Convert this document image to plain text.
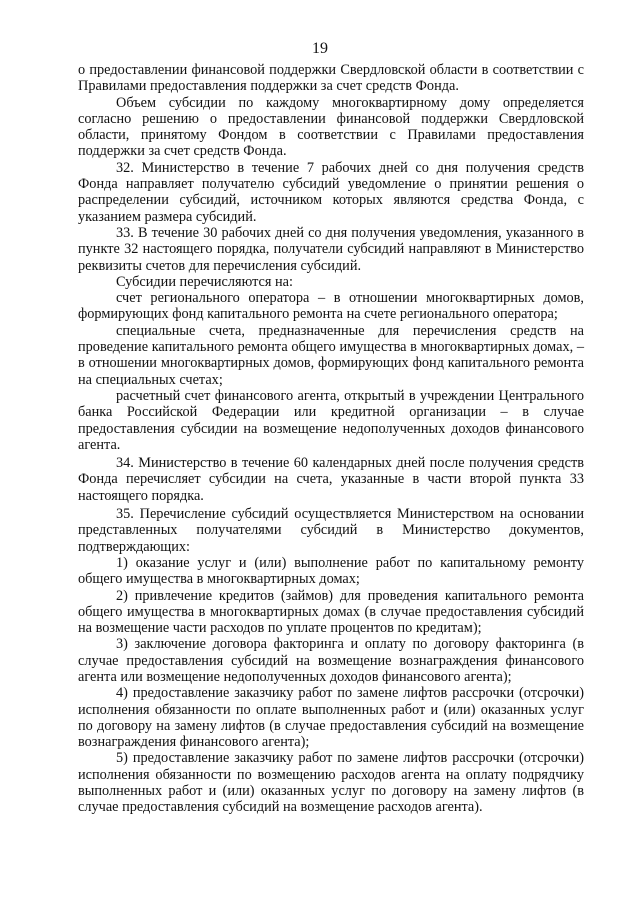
19

о предоставлении финансовой поддержки Свердловской области в соответствии с Правилами предоставления поддержки за счет средств Фонда.

Объем субсидии по каждому многоквартирному дому определяется согласно решению о предоставлении финансовой поддержки Свердловской области, принятому Фондом в соответствии с Правилами предоставления поддержки за счет средств Фонда.

32. Министерство в течение 7 рабочих дней со дня получения средств Фонда направляет получателю субсидий уведомление о принятии решения о распределении субсидий, источником которых являются средства Фонда, с указанием размера субсидий.

33. В течение 30 рабочих дней со дня получения уведомления, указанного в пункте 32 настоящего порядка, получатели субсидий направляют в Министерство реквизиты счетов для перечисления субсидий.

Субсидии перечисляются на:

счет регионального оператора – в отношении многоквартирных домов, формирующих фонд капитального ремонта на счете регионального оператора;

специальные счета, предназначенные для перечисления средств на проведение капитального ремонта общего имущества в многоквартирных домах, – в отношении многоквартирных домов, формирующих фонд капитального ремонта на специальных счетах;

расчетный счет финансового агента, открытый в учреждении Центрального банка Российской Федерации или кредитной организации – в случае предоставления субсидии на возмещение недополученных доходов финансового агента.

34. Министерство в течение 60 календарных дней после получения средств Фонда перечисляет субсидии на счета, указанные в части второй пункта 33 настоящего порядка.

35. Перечисление субсидий осуществляется Министерством на основании представленных получателями субсидий в Министерство документов, подтверждающих:

1) оказание услуг и (или) выполнение работ по капитальному ремонту общего имущества в многоквартирных домах;

2) привлечение кредитов (займов) для проведения капитального ремонта общего имущества в многоквартирных домах (в случае предоставления субсидий на возмещение части расходов по уплате процентов по кредитам);

3) заключение договора факторинга и оплату по договору факторинга (в случае предоставления субсидий на возмещение вознаграждения финансового агента или возмещение недополученных доходов финансового агента);

4) предоставление заказчику работ по замене лифтов рассрочки (отсрочки) исполнения обязанности по оплате выполненных работ и (или) оказанных услуг по договору на замену лифтов (в случае предоставления субсидий на возмещение вознаграждения финансового агента);

5) предоставление заказчику работ по замене лифтов рассрочки (отсрочки) исполнения обязанности по возмещению расходов агента на оплату подрядчику выполненных работ и (или) оказанных услуг по договору на замену лифтов (в случае предоставления субсидий на возмещение расходов агента).
